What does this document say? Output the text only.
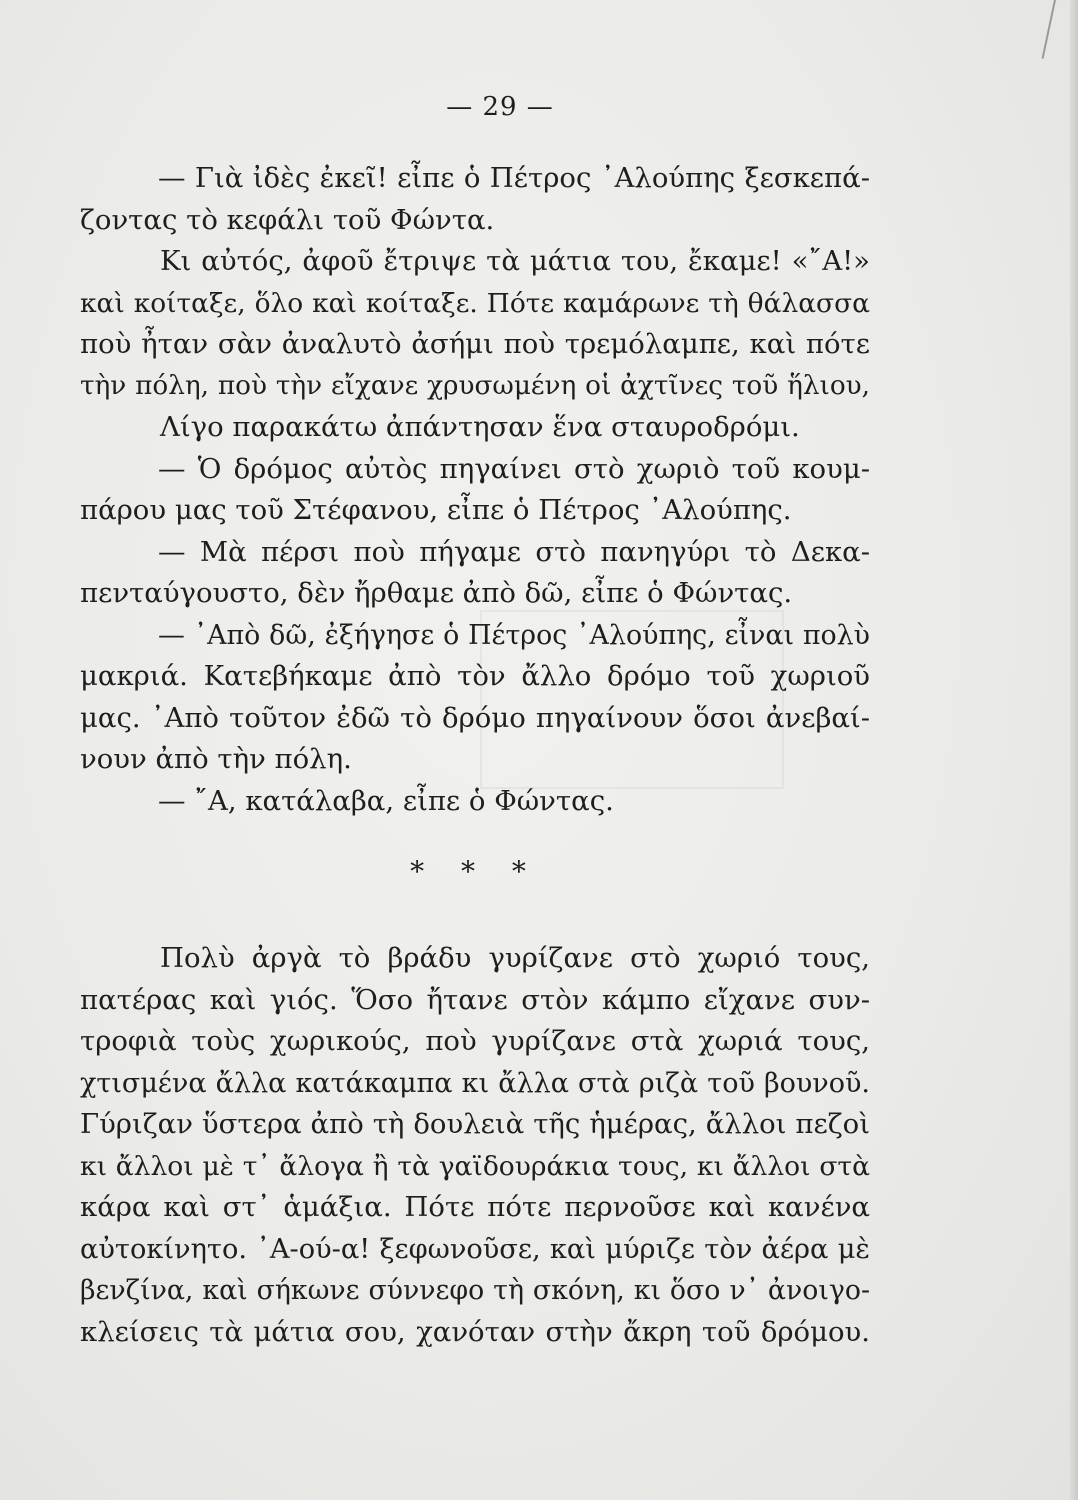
— 29 —
— Γιὰ ἰδὲς ἐκεῖ! εἶπε ὁ Πέτρος ᾿Αλούπης ξεσκεπά-
ζοντας τὸ κεφάλι τοῦ Φώντα.
Κι αὐτός, ἀφοῦ ἔτριψε τὰ μάτια του, ἔκαμε! «῎Α!»
καὶ κοίταξε, ὅλο καὶ κοίταξε. Πότε καμάρωνε τὴ θάλασσα
ποὺ ἦταν σὰν ἀναλυτὸ ἀσήμι ποὺ τρεμόλαμπε, καὶ πότε
τὴν πόλη, ποὺ τὴν εἴχανε χρυσωμένη οἱ ἀχτῖνες τοῦ ἥλιου,
Λίγο παρακάτω ἀπάντησαν ἕνα σταυροδρόμι.
— Ὁ δρόμος αὐτὸς πηγαίνει στὸ χωριὸ τοῦ κουμ-
πάρου μας τοῦ Στέφανου, εἶπε ὁ Πέτρος ᾿Αλούπης.
— Μὰ πέρσι ποὺ πήγαμε στὸ πανηγύρι τὸ Δεκα-
πενταύγουστο, δὲν ἤρθαμε ἀπὸ δῶ, εἶπε ὁ Φώντας.
— ᾿Απὸ δῶ, ἐξήγησε ὁ Πέτρος ᾿Αλούπης, εἶναι πολὺ
μακριά. Κατεβήκαμε ἀπὸ τὸν ἄλλο δρόμο τοῦ χωριοῦ
μας. ᾿Απὸ τοῦτον ἐδῶ τὸ δρόμο πηγαίνουν ὅσοι ἀνεβαί-
νουν ἀπὸ τὴν πόλη.
— ῎Α, κατάλαβα, εἶπε ὁ Φώντας.
* * *
Πολὺ ἀργὰ τὸ βράδυ γυρίζανε στὸ χωριό τους,
πατέρας καὶ γιός. Ὅσο ἤτανε στὸν κάμπο εἴχανε συν-
τροφιὰ τοὺς χωρικούς, ποὺ γυρίζανε στὰ χωριά τους,
χτισμένα ἄλλα κατάκαμπα κι ἄλλα στὰ ριζὰ τοῦ βουνοῦ.
Γύριζαν ὕστερα ἀπὸ τὴ δουλειὰ τῆς ἡμέρας, ἄλλοι πεζοὶ
κι ἄλλοι μὲ τ᾿ ἄλογα ἢ τὰ γαϊδουράκια τους, κι ἄλλοι στὰ
κάρα καὶ στ᾿ ἁμάξια. Πότε πότε περνοῦσε καὶ κανένα
αὐτοκίνητο. ᾿Α-ού-α! ξεφωνοῦσε, καὶ μύριζε τὸν ἀέρα μὲ
βενζίνα, καὶ σήκωνε σύννεφο τὴ σκόνη, κι ὅσο ν᾿ ἀνοιγο-
κλείσεις τὰ μάτια σου, χανόταν στὴν ἄκρη τοῦ δρόμου.
